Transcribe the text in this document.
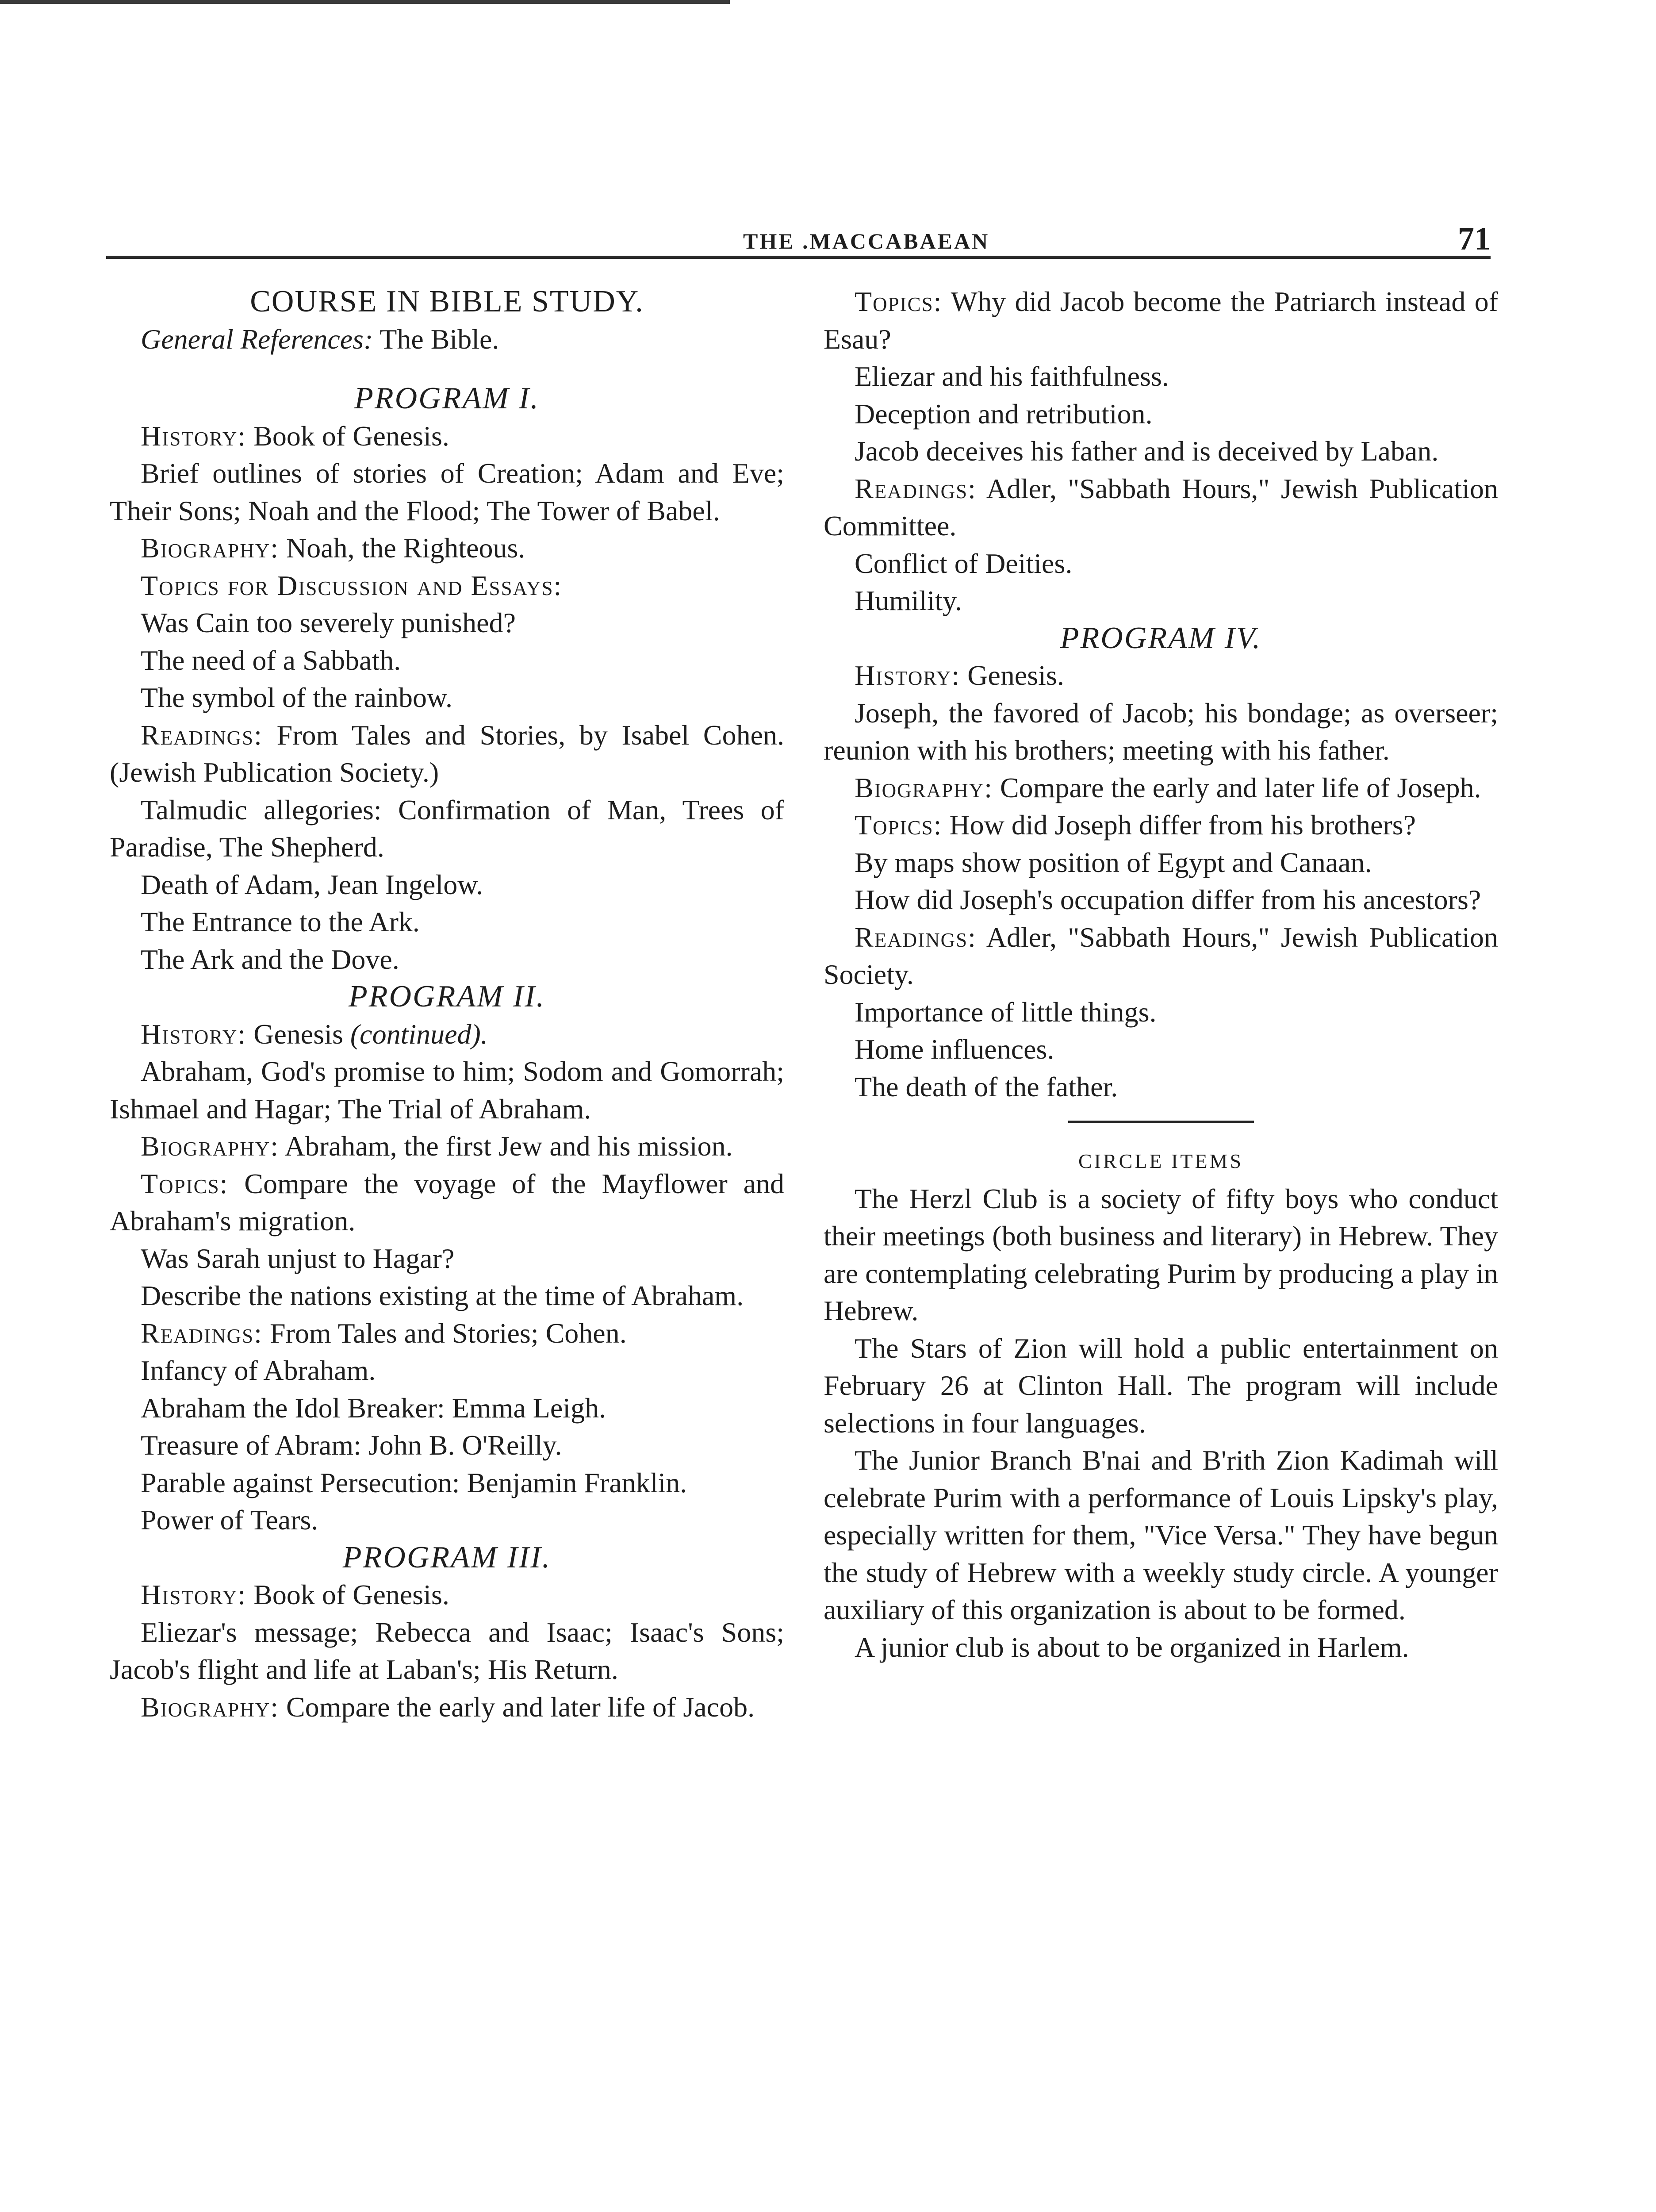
THE .MACCABAEAN	71

COURSE IN BIBLE STUDY.

General References: The Bible.

PROGRAM I.

History: Book of Genesis.

Brief outlines of stories of Creation; Adam and Eve; Their Sons; Noah and the Flood; The Tower of Babel.

Biography: Noah, the Righteous.

Topics for Discussion and Essays:

Was Cain too severely punished?

The need of a Sabbath.

The symbol of the rainbow.

Readings: From Tales and Stories, by Isabel Cohen. (Jewish Publication Society.)

Talmudic allegories: Confirmation of Man, Trees of Paradise, The Shepherd.

Death of Adam, Jean Ingelow.

The Entrance to the Ark.

The Ark and the Dove.

PROGRAM II.

History: Genesis (continued).

Abraham, God's promise to him; Sodom and Gomorrah; Ishmael and Hagar; The Trial of Abraham.

Biography: Abraham, the first Jew and his mission.

Topics: Compare the voyage of the Mayflower and Abraham's migration.

Was Sarah unjust to Hagar?

Describe the nations existing at the time of Abraham.

Readings: From Tales and Stories; Cohen.

Infancy of Abraham.

Abraham the Idol Breaker: Emma Leigh.

Treasure of Abram: John B. O'Reilly.

Parable against Persecution: Benjamin Franklin.

Power of Tears.

PROGRAM III.

History: Book of Genesis.

Eliezar's message; Rebecca and Isaac; Isaac's Sons; Jacob's flight and life at Laban's; His Return.

Biography: Compare the early and later life of Jacob.

Topics: Why did Jacob become the Patriarch instead of Esau?

Eliezar and his faithfulness.

Deception and retribution.

Jacob deceives his father and is deceived by Laban.

Readings: Adler, "Sabbath Hours," Jewish Publication Committee.

Conflict of Deities.

Humility.

PROGRAM IV.

History: Genesis.

Joseph, the favored of Jacob; his bondage; as overseer; reunion with his brothers; meeting with his father.

Biography: Compare the early and later life of Joseph.

Topics: How did Joseph differ from his brothers?

By maps show position of Egypt and Canaan.

How did Joseph's occupation differ from his ancestors?

Readings: Adler, "Sabbath Hours," Jewish Publication Society.

Importance of little things.

Home influences.

The death of the father.

CIRCLE ITEMS

The Herzl Club is a society of fifty boys who conduct their meetings (both business and literary) in Hebrew. They are contemplating celebrating Purim by producing a play in Hebrew.

The Stars of Zion will hold a public entertainment on February 26 at Clinton Hall. The program will include selections in four languages.

The Junior Branch B'nai and B'rith Zion Kadimah will celebrate Purim with a performance of Louis Lipsky's play, especially written for them, "Vice Versa." They have begun the study of Hebrew with a weekly study circle. A younger auxiliary of this organization is about to be formed.

A junior club is about to be organized in Harlem.
